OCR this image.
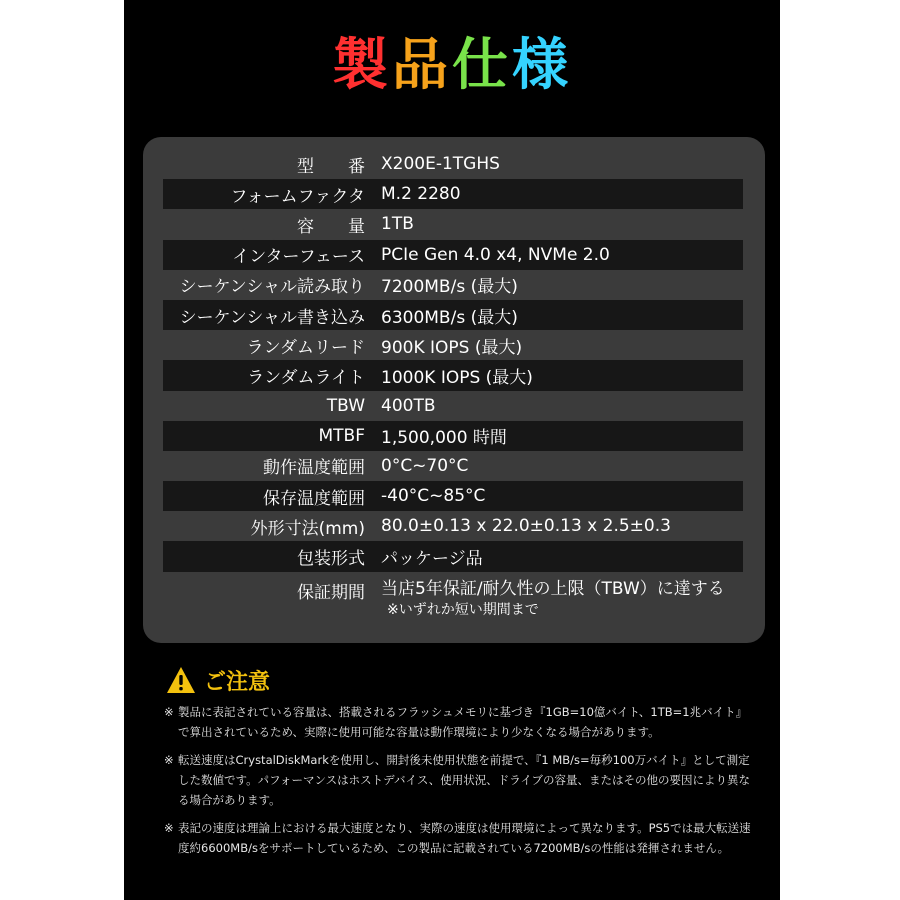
製品仕様
型　　番 X200E-1TGHS
フォームファクタ M.2 2280
容　　量 1TB
インターフェース PCIe Gen 4.0 x4, NVMe 2.0
シーケンシャル読み取り 7200MB/s (最大)
シーケンシャル書き込み 6300MB/s (最大)
ランダムリード 900K IOPS (最大)
ランダムライト 1000K IOPS (最大)
TBW 400TB
MTBF 1,500,000 時間
動作温度範囲 0°C~70°C
保存温度範囲 -40°C~85°C
外形寸法(mm) 80.0±0.13 x 22.0±0.13 x 2.5±0.3
包装形式 パッケージ品
保証期間 当店5年保証/耐久性の上限（TBW）に達する
※いずれか短い期間まで
ご注意
※ 製品に表記されている容量は、搭載されるフラッシュメモリに基づき『1GB=10億バイト、1TB=1兆バイト』で算出されているため、実際に使用可能な容量は動作環境により少なくなる場合があります。
※ 転送速度はCrystalDiskMarkを使用し、開封後未使用状態を前提で、『1 MB/s=毎秒100万バイト』として測定した数値です。パフォーマンスはホストデバイス、使用状況、ドライブの容量、またはその他の要因により異なる場合があります。
※ 表記の速度は理論上における最大速度となり、実際の速度は使用環境によって異なります。PS5では最大転送速度約6600MB/sをサポートしているため、この製品に記載されている7200MB/sの性能は発揮されません。
